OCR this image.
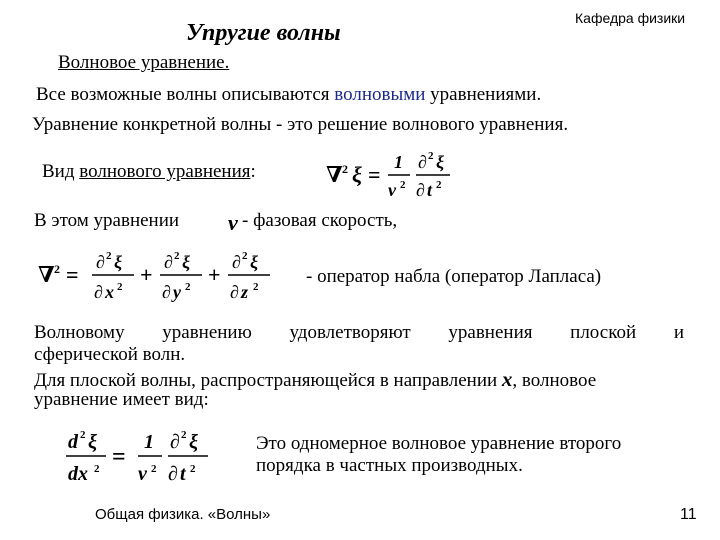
Упругие волны
Кафедра физики
Волновое уравнение.
Все возможные волны описываются волновыми уравнениями.
Уравнение конкретной волны - это решение волнового уравнения.
Вид волнового уравнения:	∇ 2 ξ = 1
v 2
∂ 2 ξ
∂ t 2
В этом уравнении v - фазовая скорость,
∇ 2 = ∂ 2 ξ
∂ x 2 + ∂ 2 ξ
∂ y 2 + ∂ 2 ξ
∂ z 2	- оператор набла (оператор Лапласа)
Волновому уравнению удовлетворяют уравнения плоской и
сферической волн.
Для плоской волны, распространяющейся в направлении x, волновое
уравнение имеет вид:
d 2 ξ
dx 2 =
1
v 2
∂ 2 ξ
∂ t 2
Это одномерное волновое уравнение второго
порядка в частных производных.
Общая физика. «Волны»	11
